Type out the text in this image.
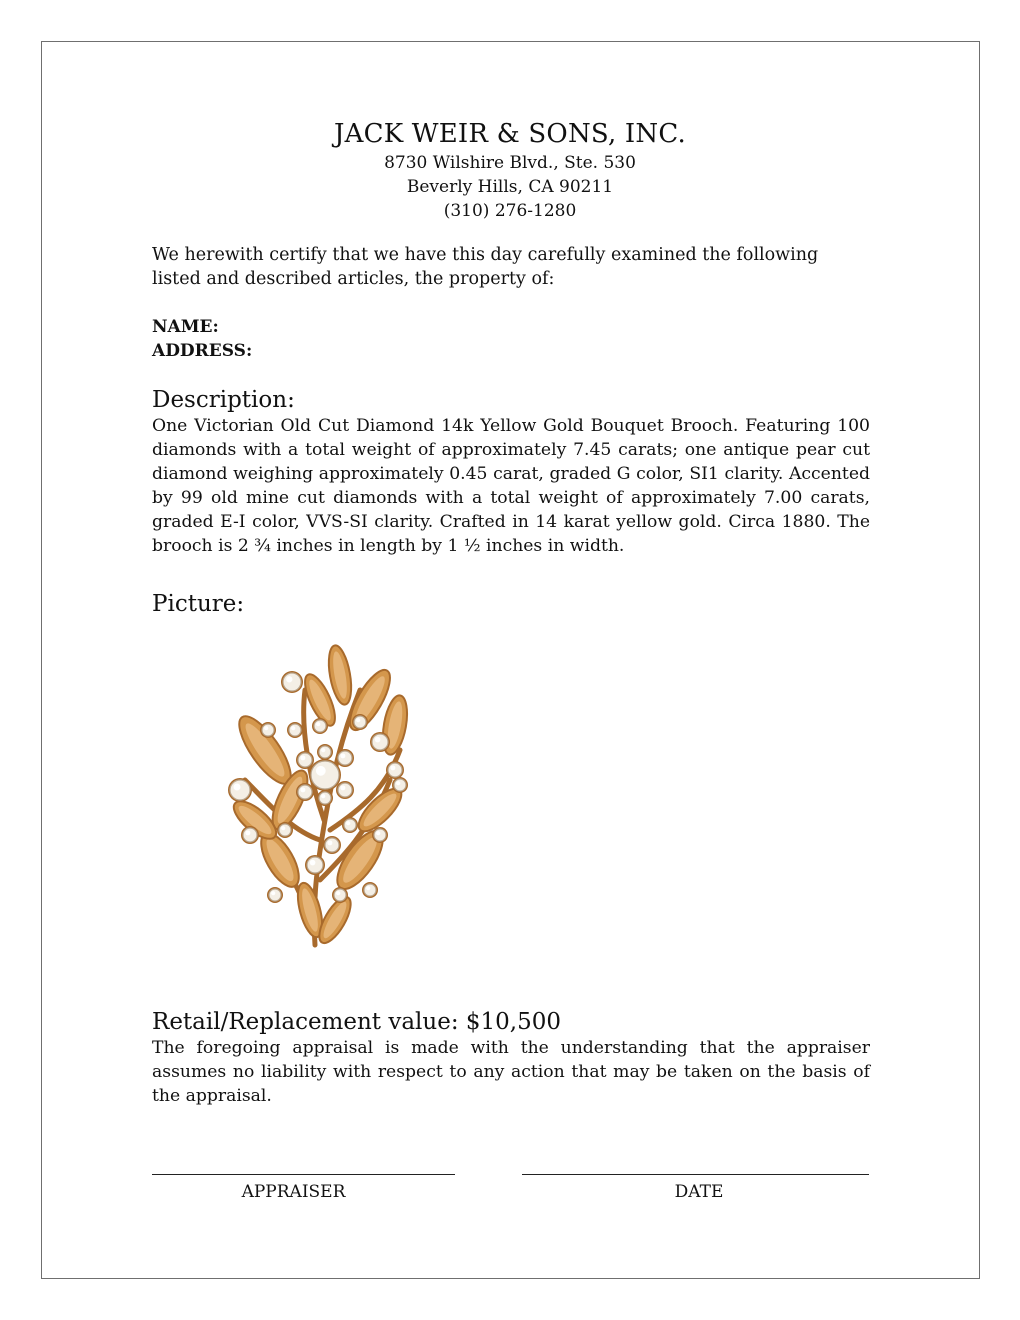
JACK WEIR & SONS, INC.
8730 Wilshire Blvd., Ste. 530
Beverly Hills, CA 90211
(310) 276-1280
We herewith certify that we have this day carefully examined the following listed and described articles, the property of:
NAME:
ADDRESS:
Description:
One Victorian Old Cut Diamond 14k Yellow Gold Bouquet Brooch. Featuring 100 diamonds with a total weight of approximately 7.45 carats; one antique pear cut diamond weighing approximately 0.45 carat, graded G color, SI1 clarity. Accented by 99 old mine cut diamonds with a total weight of approximately 7.00 carats, graded E-I color, VVS-SI clarity. Crafted in 14 karat yellow gold. Circa 1880. The brooch is 2 ¾ inches in length by 1 ½ inches in width.
Picture:
Retail/Replacement value: $10,500
The foregoing appraisal is made with the understanding that the appraiser assumes no liability with respect to any action that may be taken on the basis of the appraisal.
APPRAISER	DATE
